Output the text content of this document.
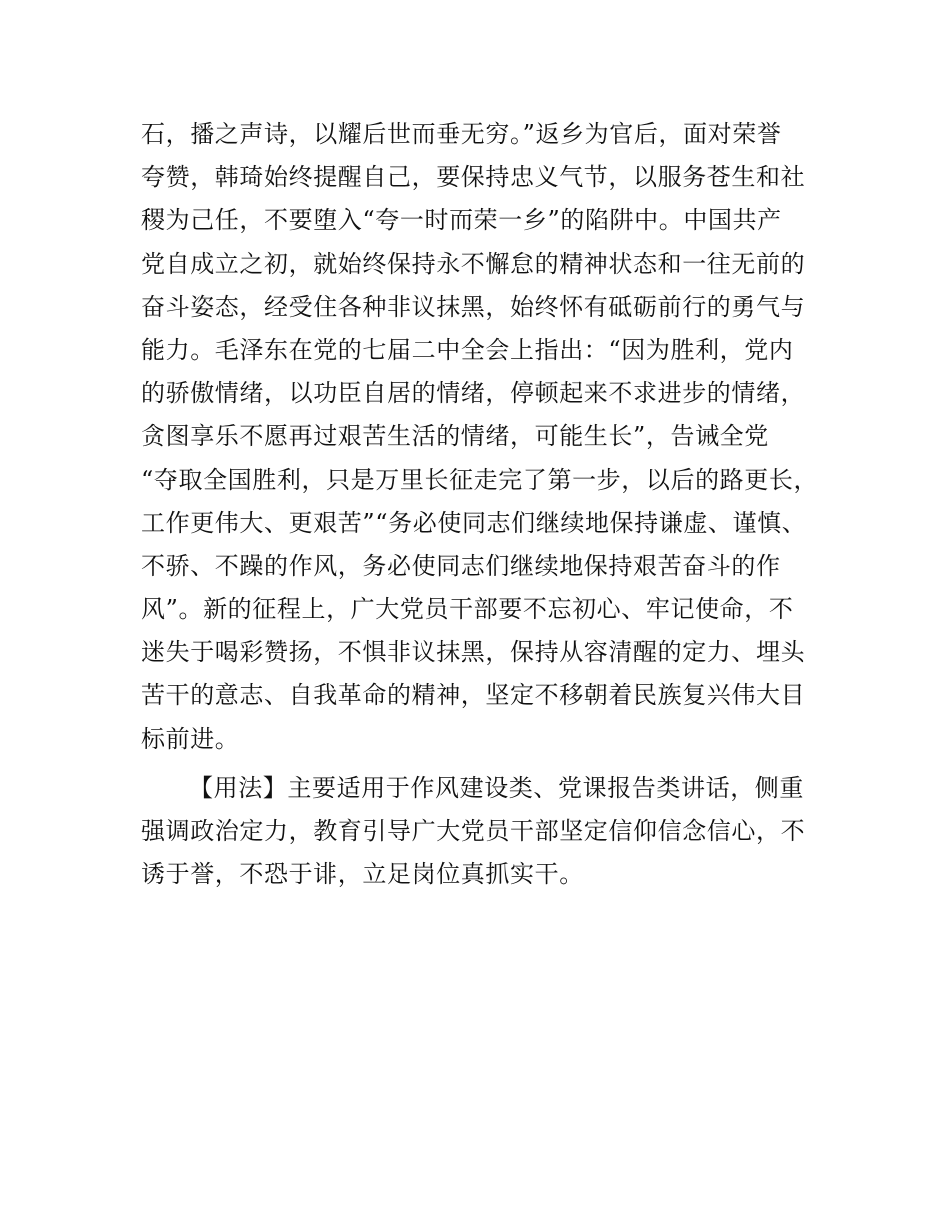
石，播之声诗，以耀后世而垂无穷。”返乡为官后，面对荣誉
夸赞，韩琦始终提醒自己，要保持忠义气节，以服务苍生和社
稷为己任，不要堕入“夸一时而荣一乡”的陷阱中。中国共产
党自成立之初，就始终保持永不懈怠的精神状态和一往无前的
奋斗姿态，经受住各种非议抹黑，始终怀有砥砺前行的勇气与
能力。毛泽东在党的七届二中全会上指出：“因为胜利，党内
的骄傲情绪，以功臣自居的情绪，停顿起来不求进步的情绪，
贪图享乐不愿再过艰苦生活的情绪，可能生长”，告诫全党
“夺取全国胜利，只是万里长征走完了第一步，以后的路更长，
工作更伟大、更艰苦”“务必使同志们继续地保持谦虚、谨慎、
不骄、不躁的作风，务必使同志们继续地保持艰苦奋斗的作
风”。新的征程上，广大党员干部要不忘初心、牢记使命，不
迷失于喝彩赞扬，不惧非议抹黑，保持从容清醒的定力、埋头
苦干的意志、自我革命的精神，坚定不移朝着民族复兴伟大目
标前进。
【用法】主要适用于作风建设类、党课报告类讲话，侧重
强调政治定力，教育引导广大党员干部坚定信仰信念信心，不
诱于誉，不恐于诽，立足岗位真抓实干。
